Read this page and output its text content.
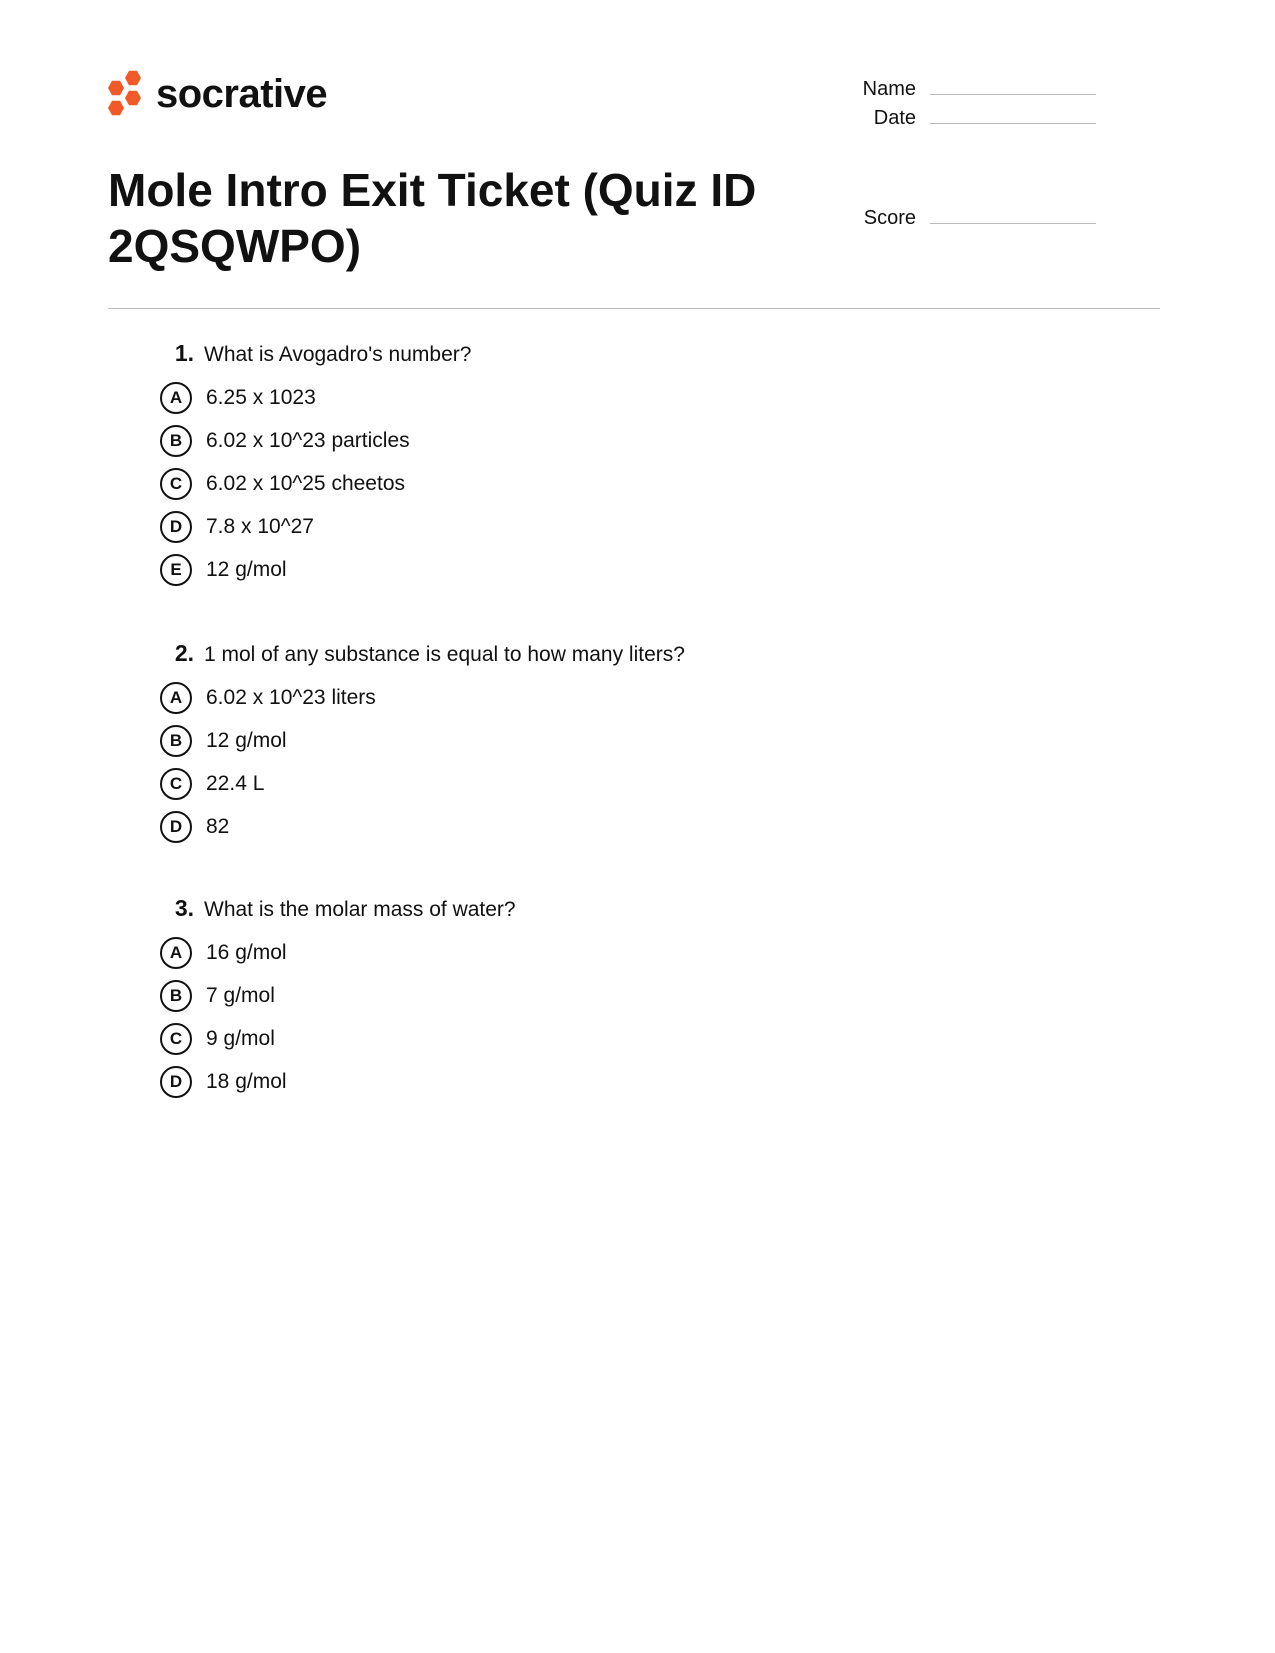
socrative	Name
Date
Score
Mole Intro Exit Ticket (Quiz ID 2QSQWPO)
1. What is Avogadro's number?
A	6.25 x 1023
B	6.02 x 10^23 particles
C	6.02 x 10^25 cheetos
D	7.8 x 10^27
E	12 g/mol
2. 1 mol of any substance is equal to how many liters?
A	6.02 x 10^23 liters
B	12 g/mol
C	22.4 L
D	82
3. What is the molar mass of water?
A	16 g/mol
B	7 g/mol
C	9 g/mol
D	18 g/mol
